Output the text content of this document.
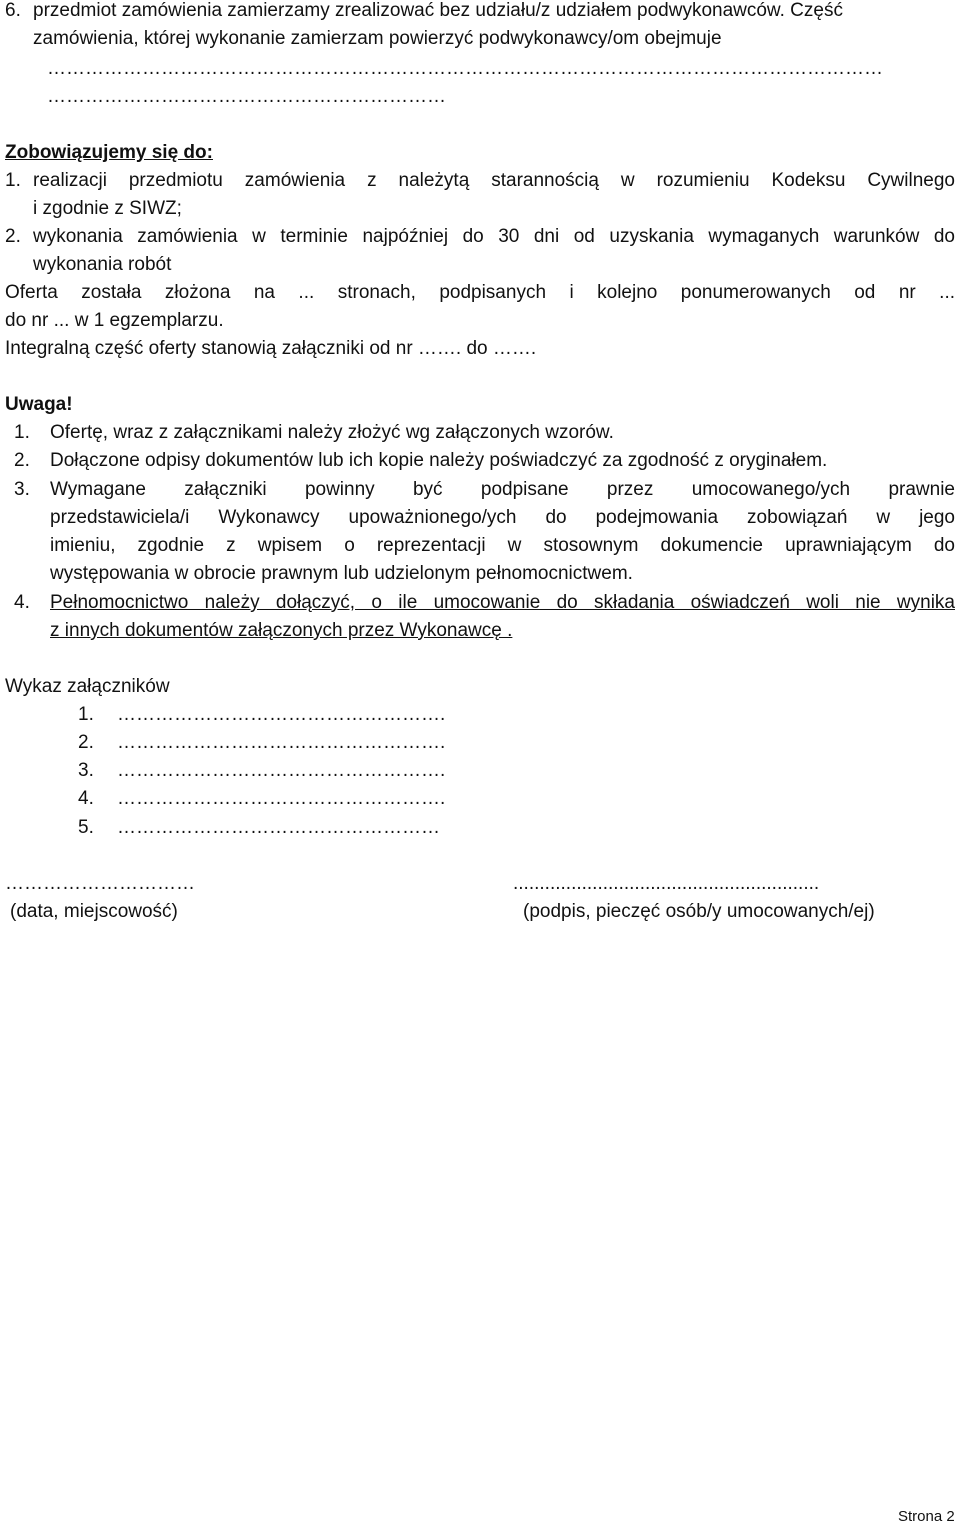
6. przedmiot zamówienia zamierzamy zrealizować bez udziału/z udziałem podwykonawców. Część
zamówienia, której wykonanie zamierzam powierzyć podwykonawcy/om obejmuje
……………………………………………………………………………………………………………………
………………………………………………………
Zobowiązujemy się do:
1. realizacji przedmiotu zamówienia z należytą starannością w rozumieniu Kodeksu Cywilnego
i zgodnie z SIWZ;
2. wykonania zamówienia w terminie najpóźniej do 30 dni od uzyskania wymaganych warunków do
wykonania robót
Oferta została złożona na ... stronach, podpisanych i kolejno ponumerowanych od nr ...
do nr ... w 1 egzemplarzu.
Integralną część oferty stanowią załączniki od nr ……. do …….
Uwaga!
1. Ofertę, wraz z załącznikami należy złożyć wg załączonych wzorów.
2. Dołączone odpisy dokumentów lub ich kopie należy poświadczyć za zgodność z oryginałem.
3. Wymagane załączniki powinny być podpisane przez umocowanego/ych prawnie
przedstawiciela/i Wykonawcy upoważnionego/ych do podejmowania zobowiązań w jego
imieniu, zgodnie z wpisem o reprezentacji w stosownym dokumencie uprawniającym do
występowania w obrocie prawnym lub udzielonym pełnomocnictwem.
4. Pełnomocnictwo należy dołączyć, o ile umocowanie do składania oświadczeń woli nie wynika
z innych dokumentów załączonych przez Wykonawcę .
Wykaz załączników
1. …………………………………………….
2. …………………………………………….
3. …………………………………………….
4. …………………………………………….
5. ……………………………………………
…………………………
(data, miejscowość)
..........................................................
(podpis, pieczęć osób/y umocowanych/ej)
Strona 2
